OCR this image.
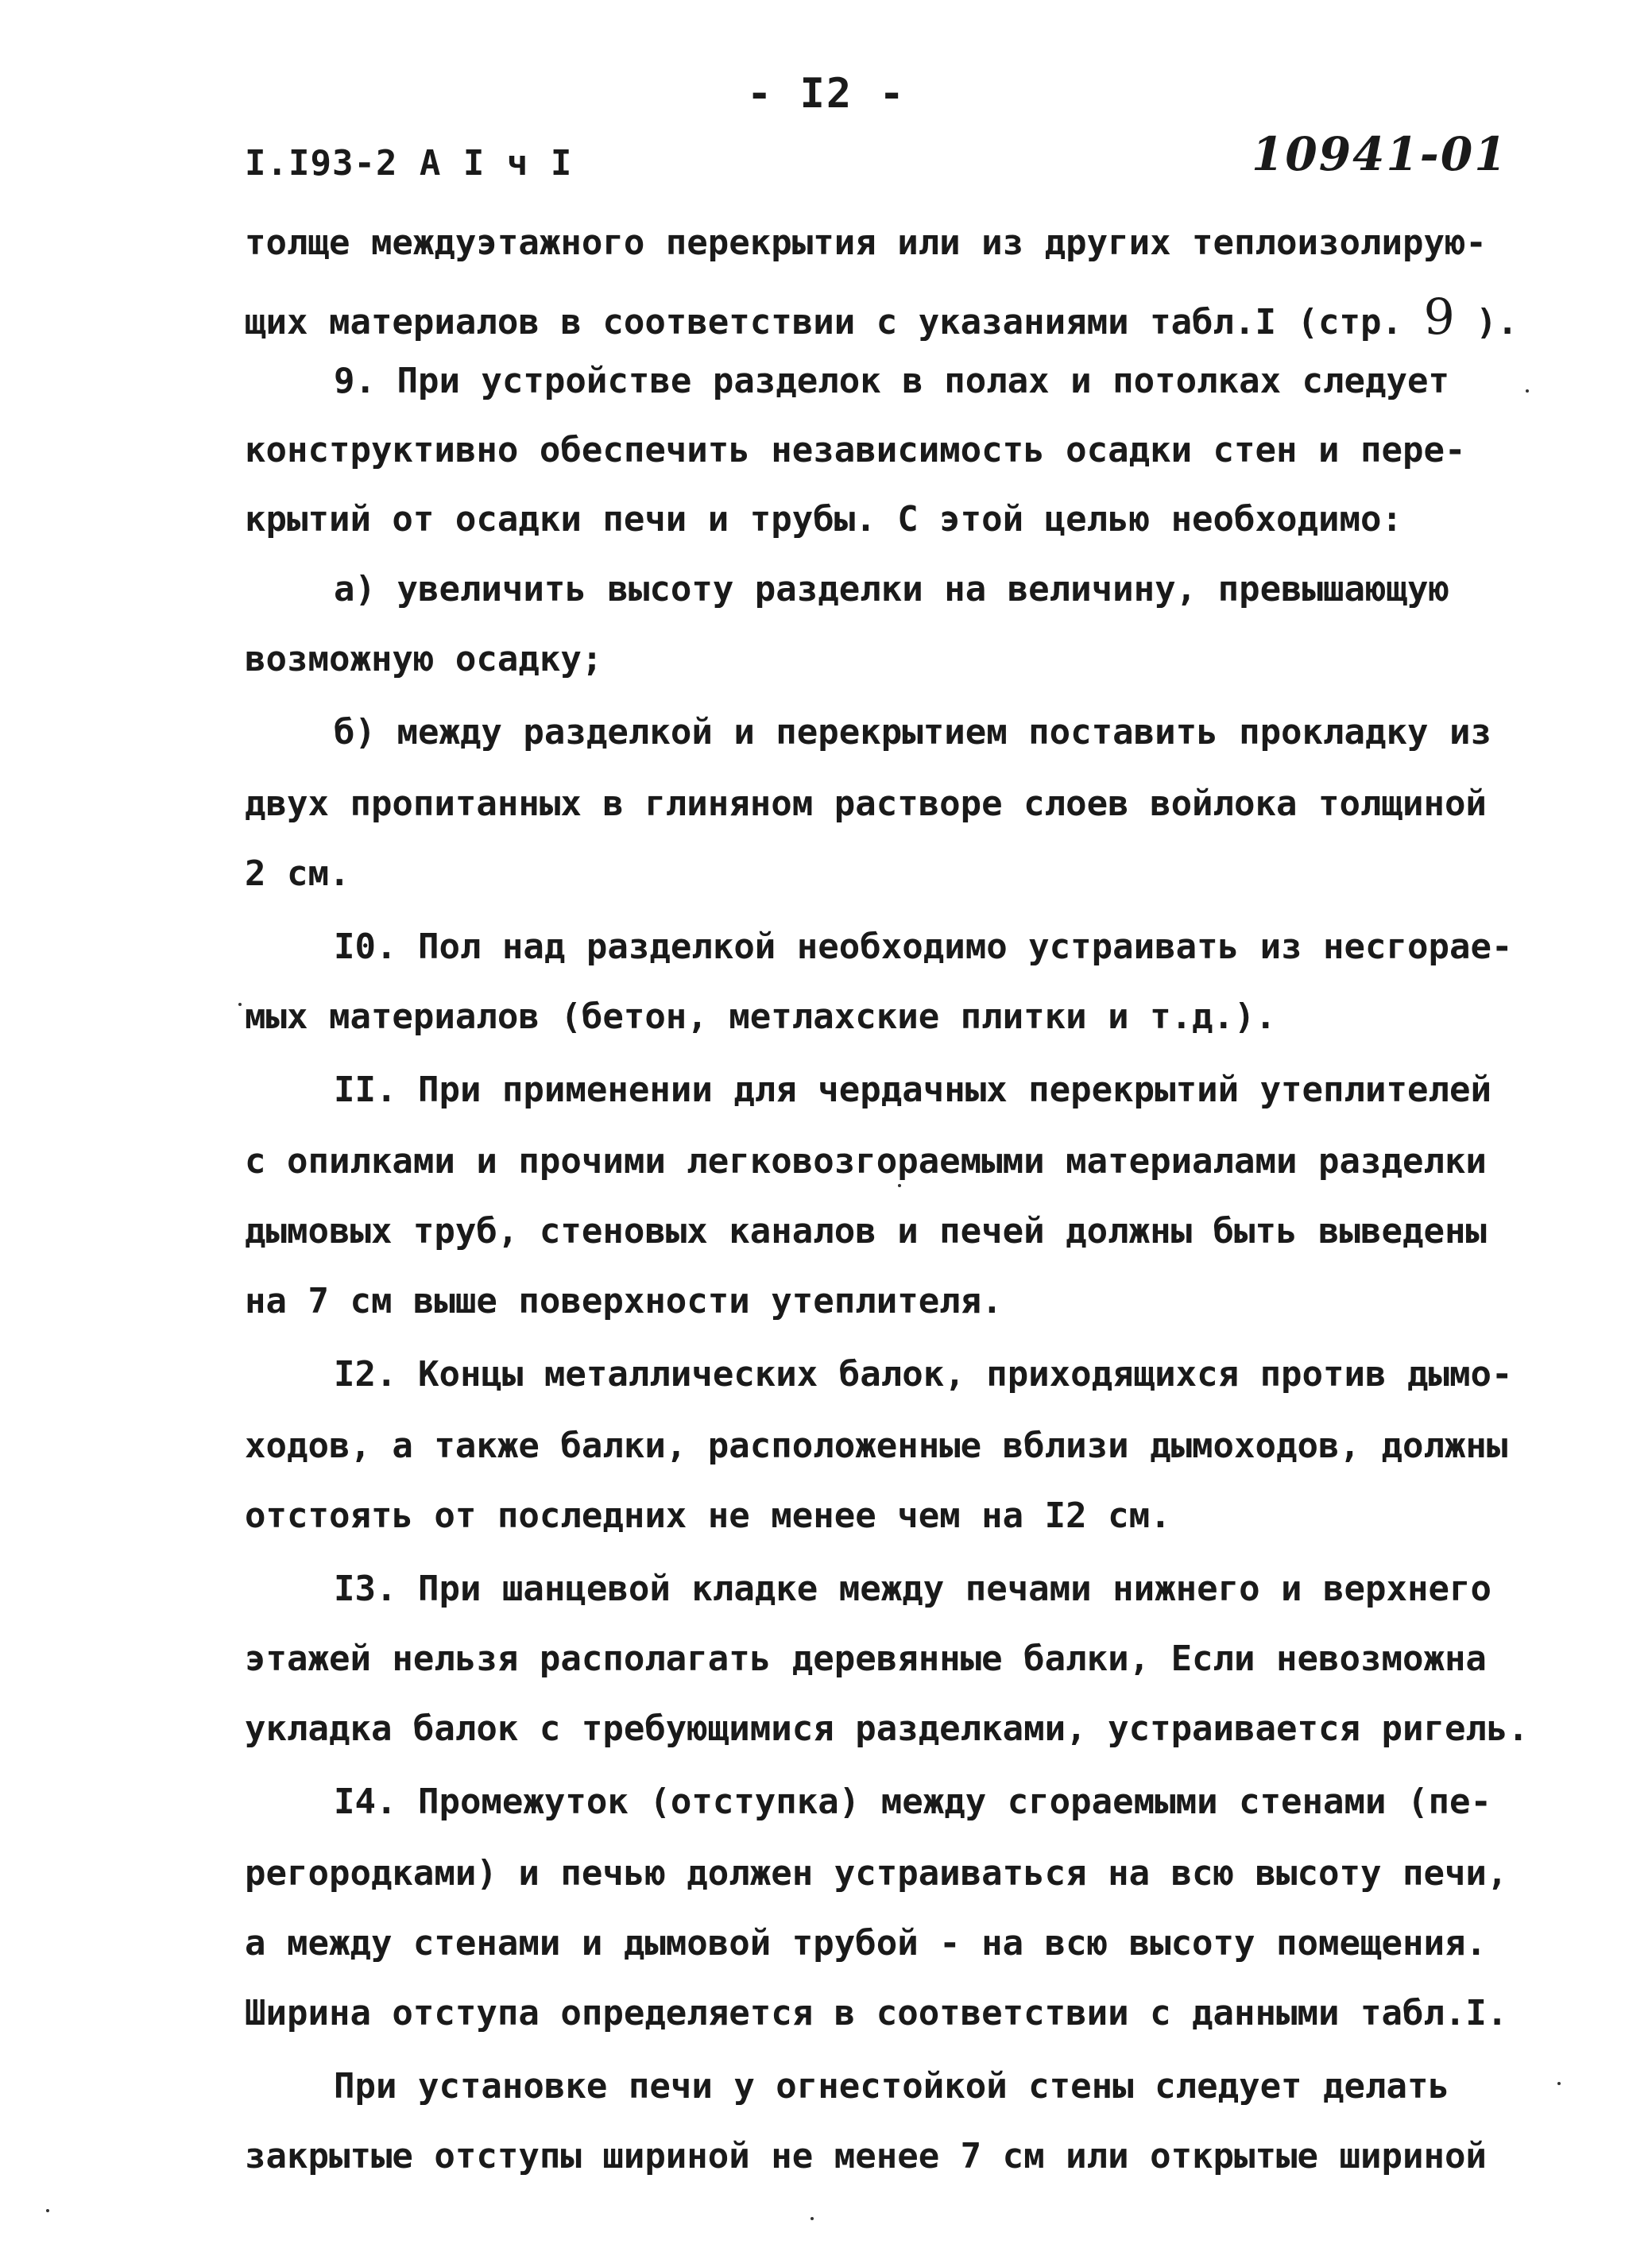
- I2 -
I.I93-2 А I ч I	10941-01
толще междуэтажного перекрытия или из других теплоизолирую-
щих материалов в соответствии с указаниями табл.I (стр. 9 ).
9. При устройстве разделок в полах и потолках следует
конструктивно обеспечить независимость осадки стен и пере-
крытий от осадки печи и трубы. С этой целью необходимо:
а) увеличить высоту разделки на величину, превышающую
возможную осадку;
б) между разделкой и перекрытием поставить прокладку из
двух пропитанных в глиняном растворе слоев войлока толщиной
2 см.
I0. Пол над разделкой необходимо устраивать из несгорае-
мых материалов (бетон, метлахские плитки и т.д.).
II. При применении для чердачных перекрытий утеплителей
с опилками и прочими легковозгораемыми материалами разделки
дымовых труб, стеновых каналов и печей должны быть выведены
на 7 см выше поверхности утеплителя.
I2. Концы металлических балок, приходящихся против дымо-
ходов, а также балки, расположенные вблизи дымоходов, должны
отстоять от последних не менее чем на I2 см.
I3. При шанцевой кладке между печами нижнего и верхнего
этажей нельзя располагать деревянные балки, Если невозможна
укладка балок с требующимися разделками, устраивается ригель.
I4. Промежуток (отступка) между сгораемыми стенами (пе-
регородками) и печью должен устраиваться на всю высоту печи,
а между стенами и дымовой трубой - на всю высоту помещения.
Ширина отступа определяется в соответствии с данными табл.I.
При установке печи у огнестойкой стены следует делать
закрытые отступы шириной не менее 7 см или открытые шириной
